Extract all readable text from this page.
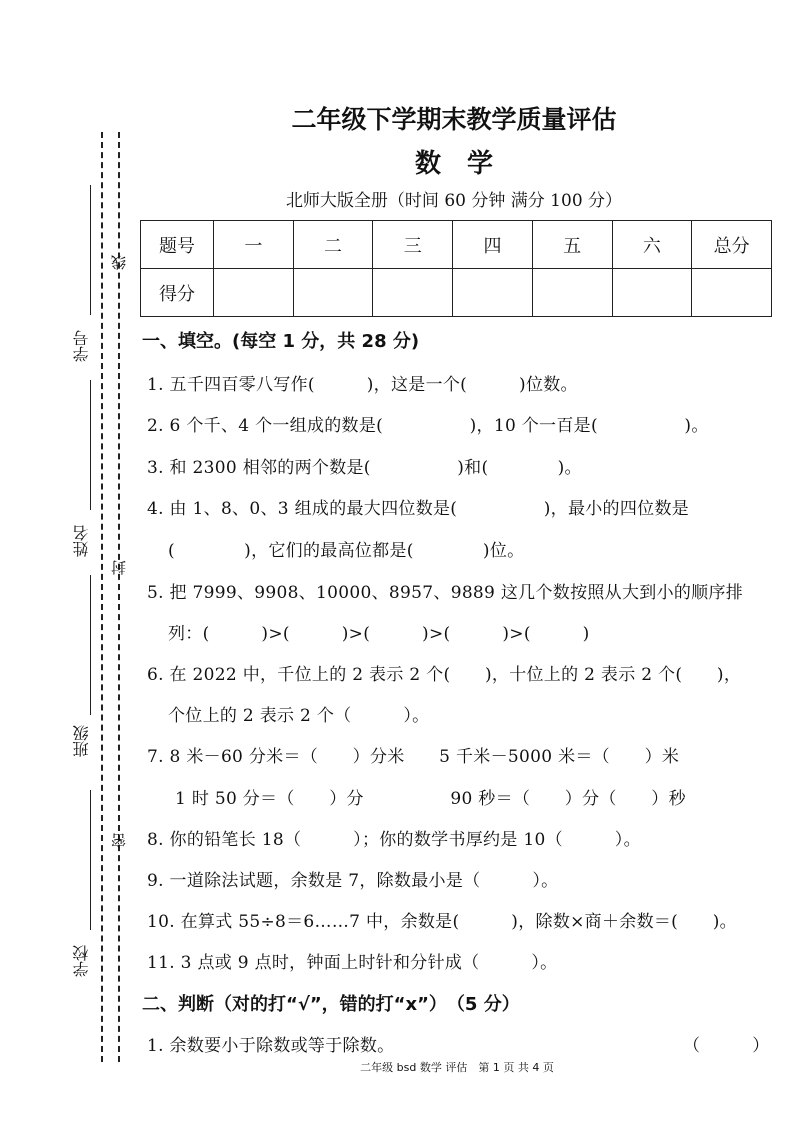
学号
姓名
班级
学校
线
封
密
二年级下学期末教学质量评估
数　学
北师大版全册（时间 60 分钟 满分 100 分）
题号	一	二	三	四	五	六	总分
得分							
一、填空。(每空 1 分，共 28 分)
1. 五千四百零八写作(　　　)，这是一个(　　　)位数。
2. 6 个千、4 个一组成的数是(　　　　　)，10 个一百是(　　　　　)。
3. 和 2300 相邻的两个数是(　　　　　)和(　　　　)。
4. 由 1、8、0、3 组成的最大四位数是(　　　　　)，最小的四位数是
(　　　　)，它们的最高位都是(　　　　)位。
5. 把 7999、9908、10000、8957、9889 这几个数按照从大到小的顺序排
列：(　　　)>(　　　)>(　　　)>(　　　)>(　　　)
6. 在 2022 中，千位上的 2 表示 2 个(　　)，十位上的 2 表示 2 个(　　)，
个位上的 2 表示 2 个（　　　）。
7. 8 米－60 分米＝（　　）分米　　5 千米－5000 米＝（　　）米
1 时 50 分＝（　　）分　　　　　90 秒＝（　　）分（　　）秒
8. 你的铅笔长 18（　　　）；你的数学书厚约是 10（　　　）。
9. 一道除法试题，余数是 7，除数最小是（　　　）。
10. 在算式 55÷8＝6……7 中，余数是(　　　)，除数×商＋余数＝(　　)。
11. 3 点或 9 点时，钟面上时针和分针成（　　　）。
二、判断（对的打“√”，错的打“x”）　（5 分）
1. 余数要小于除数或等于除数。	（　　　）
二年级 bsd 数学 评估　第 1 页 共 4 页
